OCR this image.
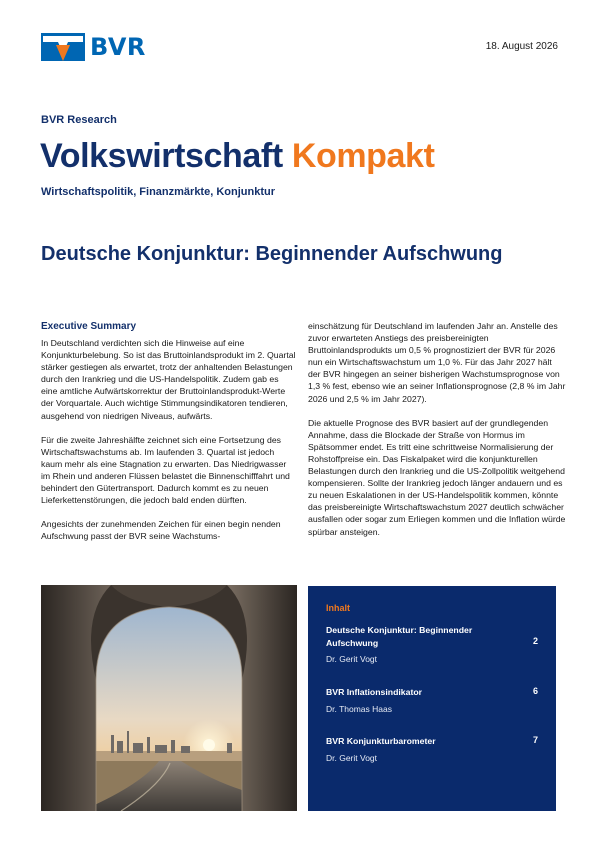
BVR	18. August 2026
BVR Research
Volkswirtschaft Kompakt
Wirtschaftspolitik, Finanzmärkte, Konjunktur
Deutsche Konjunktur: Beginnender Aufschwung
Executive Summary

In Deutschland verdichten sich die Hinweise auf eine Konjunkturbelebung. So ist das Bruttoinlandsprodukt im 2. Quartal stärker gestiegen als erwartet, trotz der anhaltenden Belastungen durch den Irankrieg und die US-Handelspolitik. Zudem gab es eine amtliche Aufwärtskorrektur der Bruttoinlandsprodukt-Werte der Vorquartale. Auch wichtige Stimmungsindikatoren tendieren, ausgehend von niedrigen Niveaus, aufwärts.

Für die zweite Jahreshälfte zeichnet sich eine Fortsetzung des Wirtschaftswachstums ab. Im laufenden 3. Quartal ist jedoch kaum mehr als eine Stagnation zu erwarten. Das Niedrigwasser im Rhein und anderen Flüssen belastet die Binnenschifffahrt und behindert den Gütertransport. Dadurch kommt es zu neuen Lieferkettenstörungen, die jedoch bald enden dürften.

Angesichts der zunehmenden Zeichen für einen begin nenden Aufschwung passt der BVR seine Wachstums-

einschätzung für Deutschland im laufenden Jahr an. Anstelle des zuvor erwarteten Anstiegs des preisbereinigten Bruttoinlandsprodukts um 0,5 % prognostiziert der BVR für 2026 nun ein Wirtschaftswachstum um 1,0 %. Für das Jahr 2027 hält der BVR hingegen an seiner bisherigen Wachstumsprognose von 1,3 % fest, ebenso wie an seiner Inflationsprognose (2,8 % im Jahr 2026 und 2,5 % im Jahr 2027).

Die aktuelle Prognose des BVR basiert auf der grundlegenden Annahme, dass die Blockade der Straße von Hormus im Spätsommer endet. Es tritt eine schrittweise Normalisierung der Rohstoffpreise ein. Das Fiskalpaket wird die konjunkturellen Belastungen durch den Irankrieg und die US-Zollpolitik weitgehend kompensieren. Sollte der Irankrieg jedoch länger andauern und es zu neuen Eskalationen in der US-Handelspolitik kommen, könnte das preisbereinigte Wirtschaftswachstum 2027 deutlich schwächer ausfallen oder sogar zum Erliegen kommen und die Inflation würde spürbar ansteigen.

Inhalt
Deutsche Konjunktur: Beginnender Aufschwung
Dr. Gerit Vogt
2
BVR Inflationsindikator
Dr. Thomas Haas
6
BVR Konjunkturbarometer
Dr. Gerit Vogt
7
